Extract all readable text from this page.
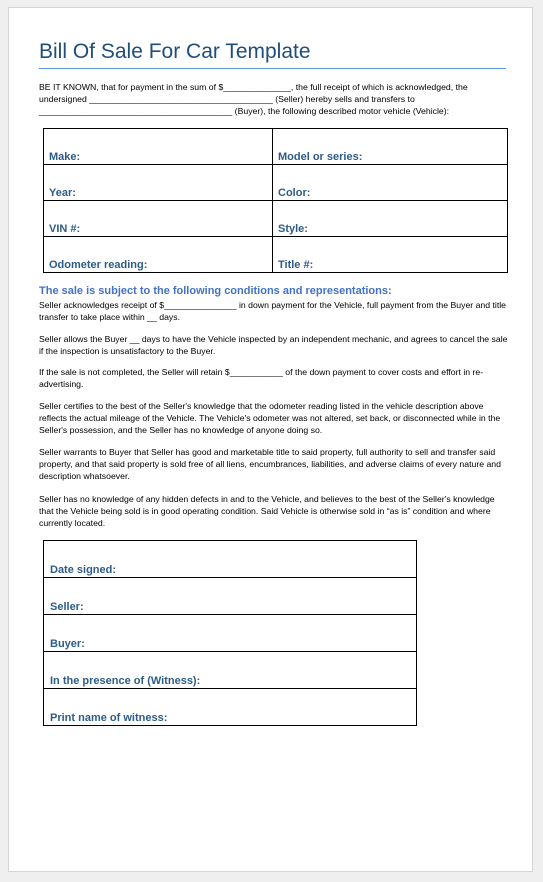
Bill Of Sale For Car Template
BE IT KNOWN, that for payment in the sum of $______________, the full receipt of which is acknowledged, the undersigned ______________________________________ (Seller) hereby sells and transfers to ________________________________________ (Buyer), the following described motor vehicle (Vehicle):
Make:	Model or series:
Year:	Color:
VIN #:	Style:
Odometer reading:	Title #:
The sale is subject to the following conditions and representations:

Seller acknowledges receipt of $_______________ in down payment for the Vehicle, full payment from the Buyer and title transfer to take place within __ days.

Seller allows the Buyer __ days to have the Vehicle inspected by an independent mechanic, and agrees to cancel the sale if the inspection is unsatisfactory to the Buyer.

If the sale is not completed, the Seller will retain $___________ of the down payment to cover costs and effort in re-advertising.

Seller certifies to the best of the Seller's knowledge that the odometer reading listed in the vehicle description above reflects the actual mileage of the Vehicle. The Vehicle's odometer was not altered, set back, or disconnected while in the Seller's possession, and the Seller has no knowledge of anyone doing so.

Seller warrants to Buyer that Seller has good and marketable title to said property, full authority to sell and transfer said property, and that said property is sold free of all liens, encumbrances, liabilities, and adverse claims of every nature and description whatsoever.

Seller has no knowledge of any hidden defects in and to the Vehicle, and believes to the best of the Seller's knowledge that the Vehicle being sold is in good operating condition. Said Vehicle is otherwise sold in “as is” condition and where currently located.

Date signed:
Seller:
Buyer:
In the presence of (Witness):
Print name of witness:
